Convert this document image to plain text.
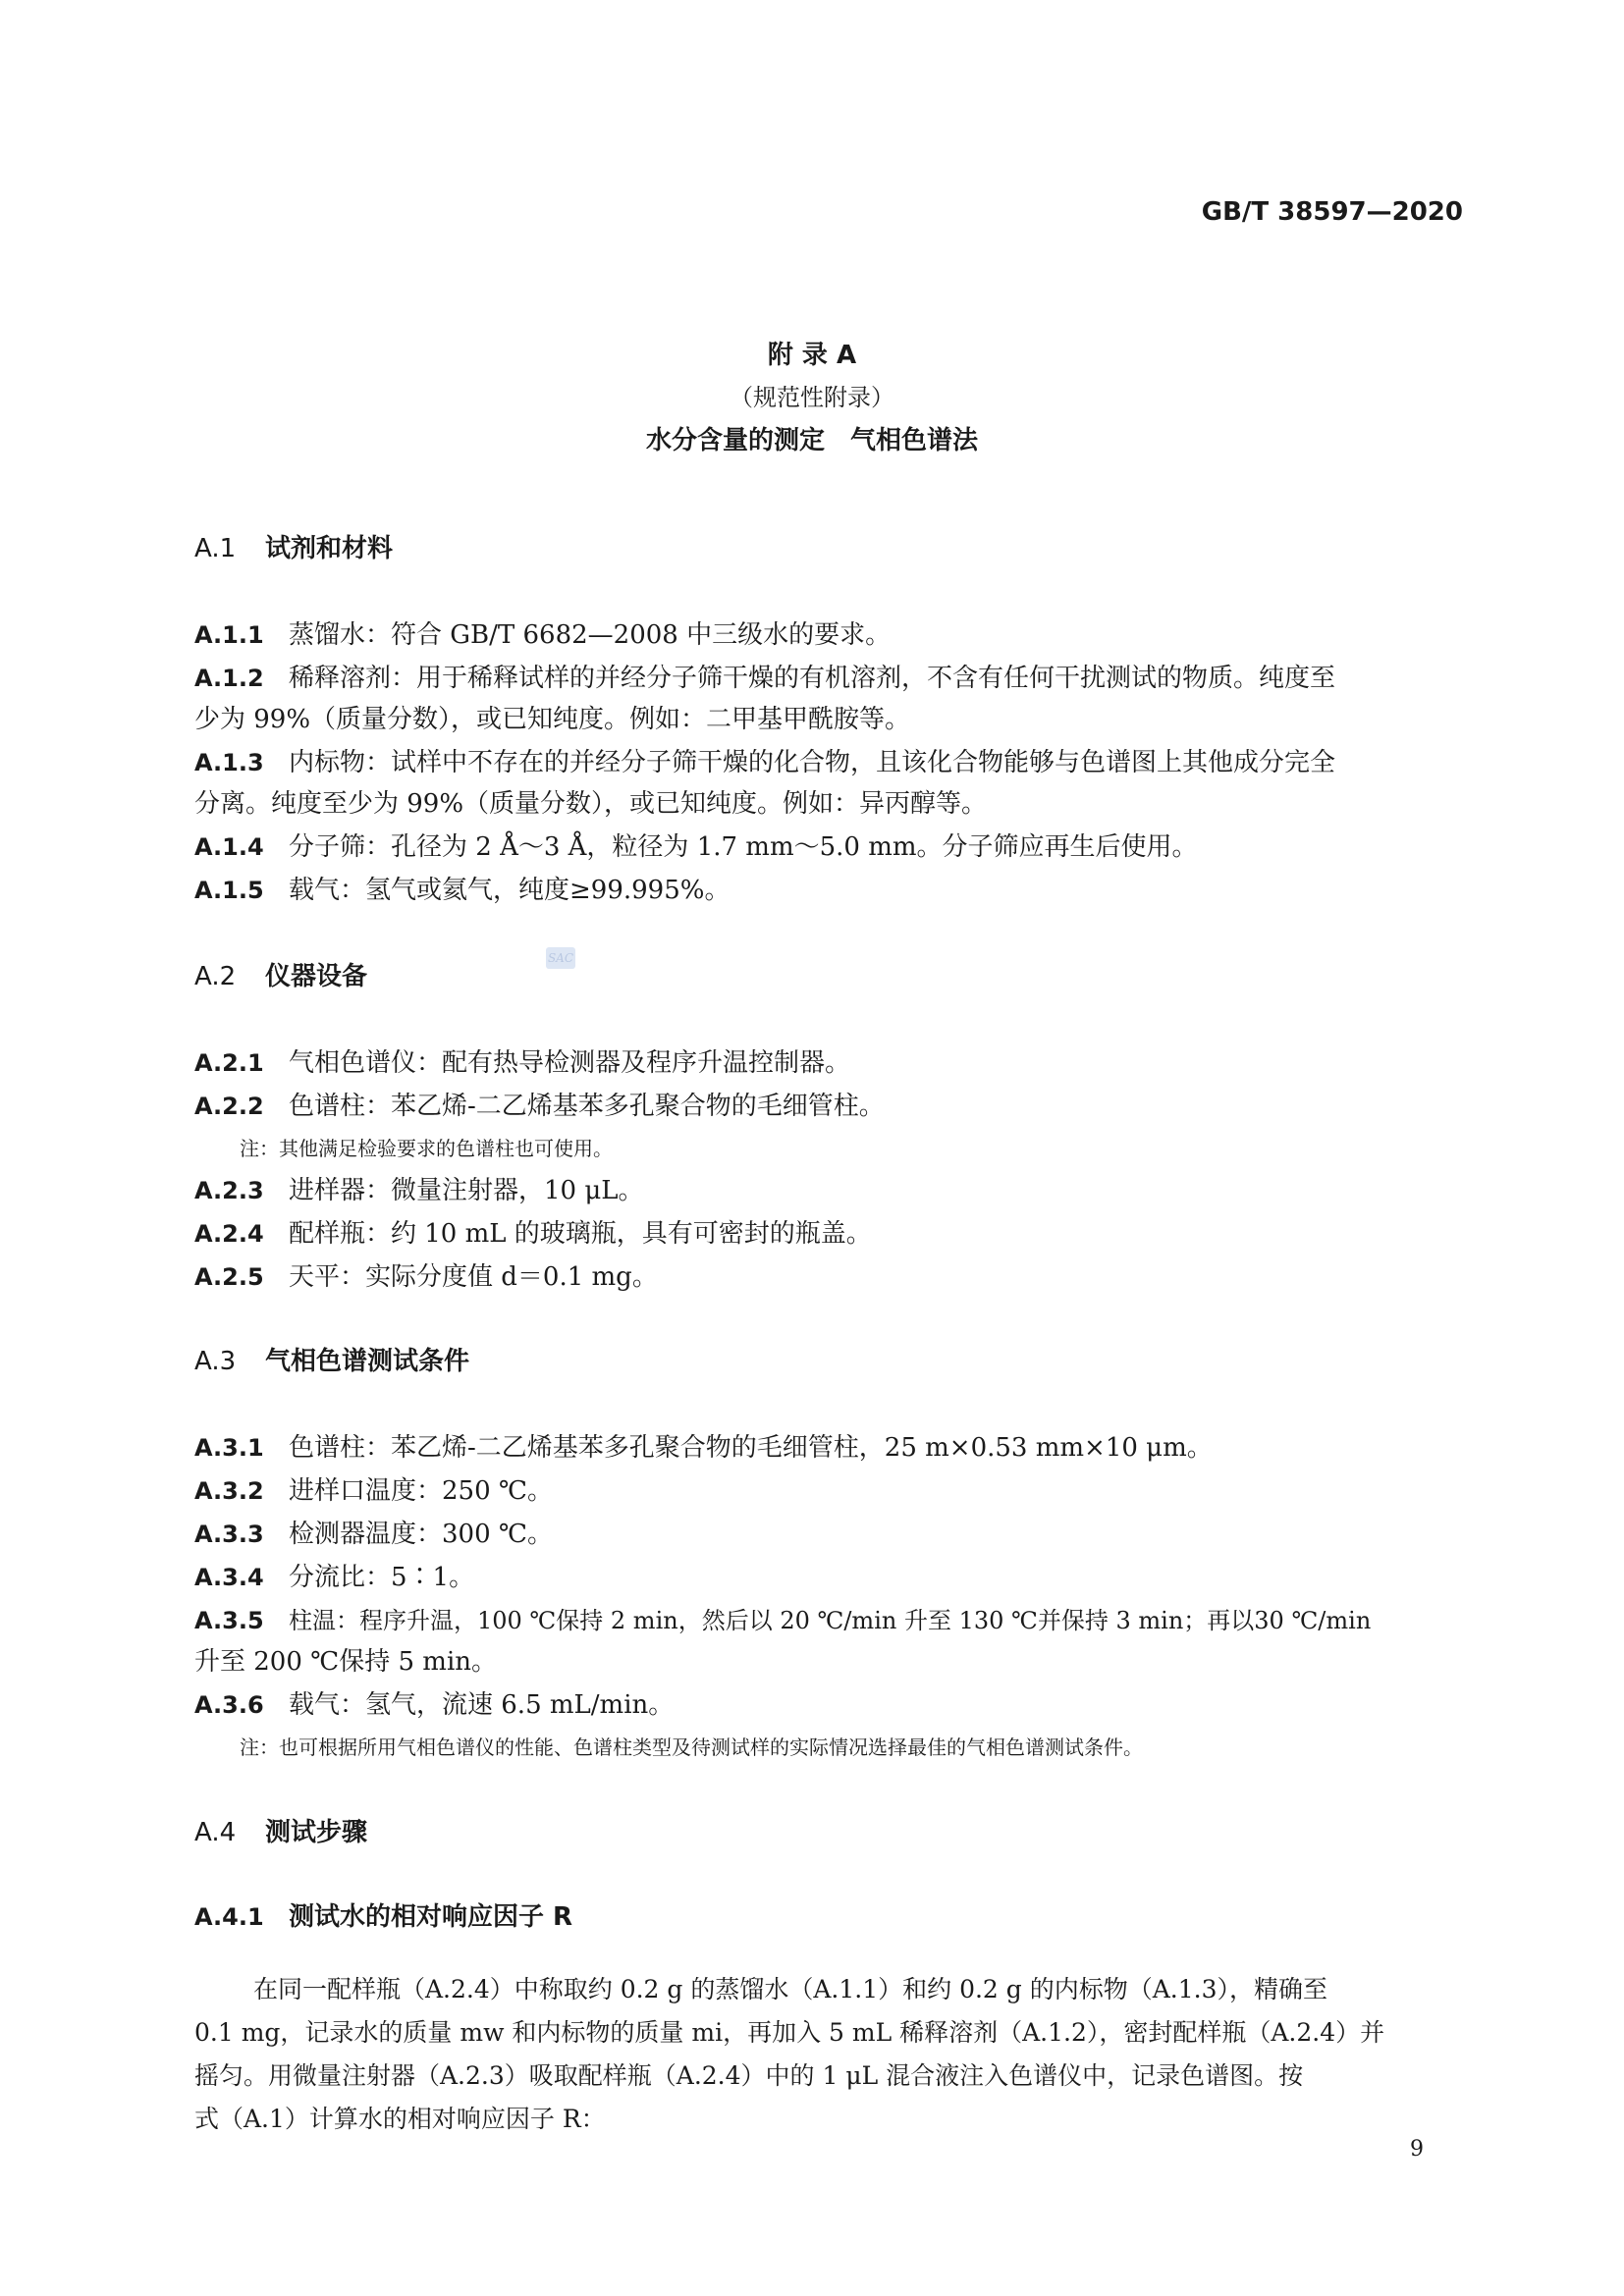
GB/T 38597—2020
附 录 A
（规范性附录）
水分含量的测定　气相色谱法
A.1 试剂和材料
A.1.1 蒸馏水：符合 GB/T 6682—2008 中三级水的要求。
A.1.2 稀释溶剂：用于稀释试样的并经分子筛干燥的有机溶剂，不含有任何干扰测试的物质。纯度至
少为 99%（质量分数），或已知纯度。例如：二甲基甲酰胺等。
A.1.3 内标物：试样中不存在的并经分子筛干燥的化合物，且该化合物能够与色谱图上其他成分完全
分离。纯度至少为 99%（质量分数），或已知纯度。例如：异丙醇等。
A.1.4 分子筛：孔径为 2 Å～3 Å，粒径为 1.7 mm～5.0 mm。分子筛应再生后使用。
A.1.5 载气：氢气或氦气，纯度≥99.995%。
SAC
A.2 仪器设备
A.2.1 气相色谱仪：配有热导检测器及程序升温控制器。
A.2.2 色谱柱：苯乙烯-二乙烯基苯多孔聚合物的毛细管柱。
注：其他满足检验要求的色谱柱也可使用。
A.2.3 进样器：微量注射器，10 μL。
A.2.4 配样瓶：约 10 mL 的玻璃瓶，具有可密封的瓶盖。
A.2.5 天平：实际分度值 d＝0.1 mg。
A.3 气相色谱测试条件
A.3.1 色谱柱：苯乙烯-二乙烯基苯多孔聚合物的毛细管柱，25 m×0.53 mm×10 μm。
A.3.2 进样口温度：250 ℃。
A.3.3 检测器温度：300 ℃。
A.3.4 分流比：5∶1。
A.3.5 柱温：程序升温，100 ℃保持 2 min，然后以 20 ℃/min 升至 130 ℃并保持 3 min；再以30 ℃/min
升至 200 ℃保持 5 min。
A.3.6 载气：氢气，流速 6.5 mL/min。
注：也可根据所用气相色谱仪的性能、色谱柱类型及待测试样的实际情况选择最佳的气相色谱测试条件。
A.4 测试步骤
A.4.1 测试水的相对响应因子 R
在同一配样瓶（A.2.4）中称取约 0.2 g 的蒸馏水（A.1.1）和约 0.2 g 的内标物（A.1.3），精确至
0.1 mg，记录水的质量 mw 和内标物的质量 mi，再加入 5 mL 稀释溶剂（A.1.2），密封配样瓶（A.2.4）并
摇匀。用微量注射器（A.2.3）吸取配样瓶（A.2.4）中的 1 μL 混合液注入色谱仪中，记录色谱图。按
式（A.1）计算水的相对响应因子 R：
9
